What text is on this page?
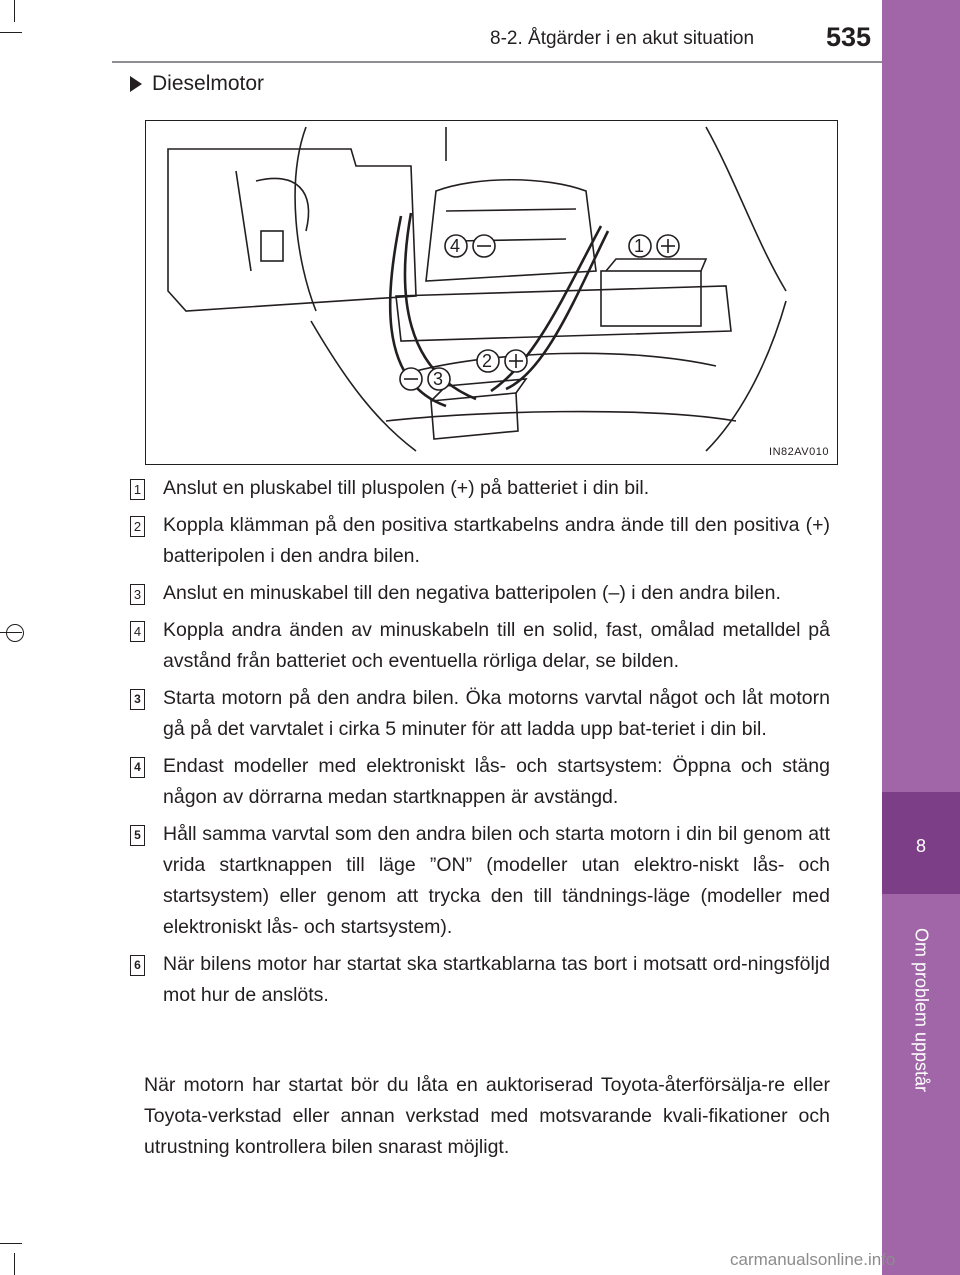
8
Om problem uppstår
8-2. Åtgärder i en akut situation	535
Dieselmotor
4	1
2
3
IN82AV010
1 Anslut en pluskabel till pluspolen (+) på batteriet i din bil.
2 Koppla klämman på den positiva startkabelns andra ände till den positiva (+) batteripolen i den andra bilen.
3 Anslut en minuskabel till den negativa batteripolen (–) i den andra bilen.
4 Koppla andra änden av minuskabeln till en solid, fast, omålad metalldel på avstånd från batteriet och eventuella rörliga delar, se bilden.
3 Starta motorn på den andra bilen. Öka motorns varvtal något och låt motorn gå på det varvtalet i cirka 5 minuter för att ladda upp bat-teriet i din bil.
4 Endast modeller med elektroniskt lås- och startsystem: Öppna och stäng någon av dörrarna medan startknappen är avstängd.
5 Håll samma varvtal som den andra bilen och starta motorn i din bil genom att vrida startknappen till läge ”ON” (modeller utan elektro-niskt lås- och startsystem) eller genom att trycka den till tändnings-läge (modeller med elektroniskt lås- och startsystem).
6 När bilens motor har startat ska startkablarna tas bort i motsatt ord-ningsföljd mot hur de anslöts.
När motorn har startat bör du låta en auktoriserad Toyota-återförsälja-re eller Toyota-verkstad eller annan verkstad med motsvarande kvali-fikationer och utrustning kontrollera bilen snarast möjligt.
carmanualsonline.info
